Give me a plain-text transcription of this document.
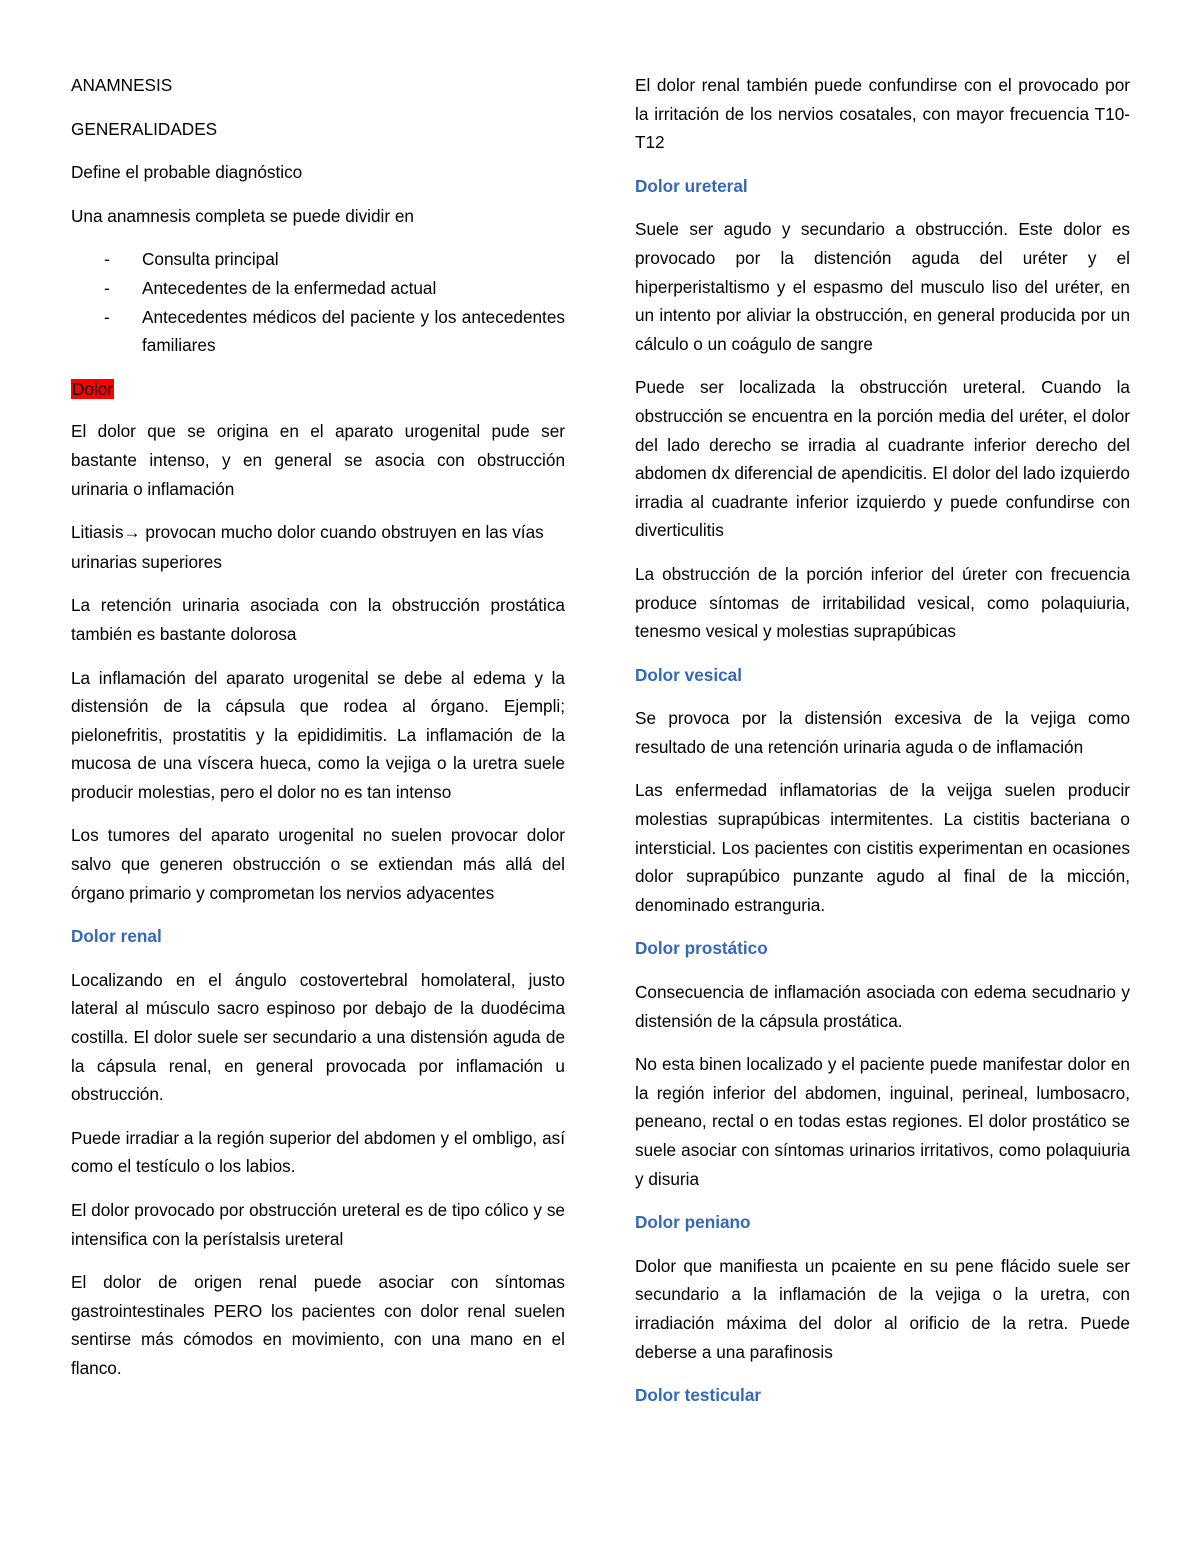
ANAMNESIS

GENERALIDADES

Define el probable diagnóstico

Una anamnesis completa se puede dividir en

- Consulta principal
- Antecedentes de la enfermedad actual
- Antecedentes médicos del paciente y los antecedentes familiares

Dolor

El dolor que se origina en el aparato urogenital pude ser bastante intenso, y en general se asocia con obstrucción urinaria o inflamación

Litiasis→ provocan mucho dolor cuando obstruyen en las vías urinarias superiores

La retención urinaria asociada con la obstrucción prostática también es bastante dolorosa

La inflamación del aparato urogenital se debe al edema y la distensión de la cápsula que rodea al órgano. Ejempli; pielonefritis, prostatitis y la epididimitis. La inflamación de la mucosa de una víscera hueca, como la vejiga o la uretra suele producir molestias, pero el dolor no es tan intenso

Los tumores del aparato urogenital no suelen provocar dolor salvo que generen obstrucción o se extiendan más allá del órgano primario y comprometan los nervios adyacentes

Dolor renal

Localizando en el ángulo costovertebral homolateral, justo lateral al músculo sacro espinoso por debajo de la duodécima costilla. El dolor suele ser secundario a una distensión aguda de la cápsula renal, en general provocada por inflamación u obstrucción.

Puede irradiar a la región superior del abdomen y el ombligo, así como el testículo o los labios.

El dolor provocado por obstrucción ureteral es de tipo cólico y se intensifica con la perístalsis ureteral

El dolor de origen renal puede asociar con síntomas gastrointestinales PERO los pacientes con dolor renal suelen sentirse más cómodos en movimiento, con una mano en el flanco.

El dolor renal también puede confundirse con el provocado por la irritación de los nervios cosatales, con mayor frecuencia T10-T12

Dolor ureteral

Suele ser agudo y secundario a obstrucción. Este dolor es provocado por la distención aguda del uréter y el hiperperistaltismo y el espasmo del musculo liso del uréter, en un intento por aliviar la obstrucción, en general producida por un cálculo o un coágulo de sangre

Puede ser localizada la obstrucción ureteral. Cuando la obstrucción se encuentra en la porción media del uréter, el dolor del lado derecho se irradia al cuadrante inferior derecho del abdomen dx diferencial de apendicitis. El dolor del lado izquierdo irradia al cuadrante inferior izquierdo y puede confundirse con diverticulitis

La obstrucción de la porción inferior del úreter con frecuencia produce síntomas de irritabilidad vesical, como polaquiuria, tenesmo vesical y molestias suprapúbicas

Dolor vesical

Se provoca por la distensión excesiva de la vejiga como resultado de una retención urinaria aguda o de inflamación

Las enfermedad inflamatorias de la veijga suelen producir molestias suprapúbicas intermitentes. La cistitis bacteriana o intersticial. Los pacientes con cistitis experimentan en ocasiones dolor suprapúbico punzante agudo al final de la micción, denominado estranguria.

Dolor prostático

Consecuencia de inflamación asociada con edema secudnario y distensión de la cápsula prostática.

No esta binen localizado y el paciente puede manifestar dolor en la región inferior del abdomen, inguinal, perineal, lumbosacro, peneano, rectal o en todas estas regiones. El dolor prostático se suele asociar con síntomas urinarios irritativos, como polaquiuria y disuria

Dolor peniano

Dolor que manifiesta un pcaiente en su pene flácido suele ser secundario a la inflamación de la vejiga o la uretra, con irradiación máxima del dolor al orificio de la retra. Puede deberse a una parafinosis

Dolor testicular
